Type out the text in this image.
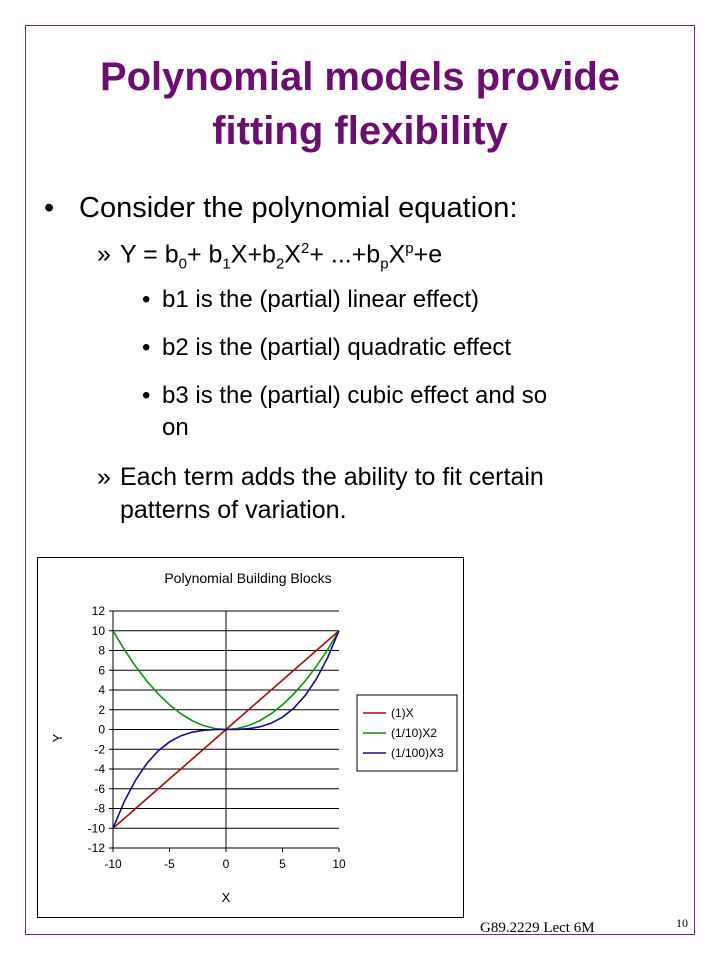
Polynomial models provide
fitting flexibility
• Consider the polynomial equation:
» $Y = b_0+ b_1X+b_2X^2+ ...+b_pX^p+e$
• b1 is the (partial) linear effect)
• b2 is the (partial) quadratic effect
• b3 is the (partial) cubic effect and so
on
» Each term adds the ability to fit certain
patterns of variation.
Polynomial Building Blocks
-12
-10
-8
-6
-4
-2
0
2
4
6
8
10
12
-10	-5	0	5	10
X
Y
(1)X
(1/10)X2
(1/100)X3
G89.2229 Lect 6M	10
